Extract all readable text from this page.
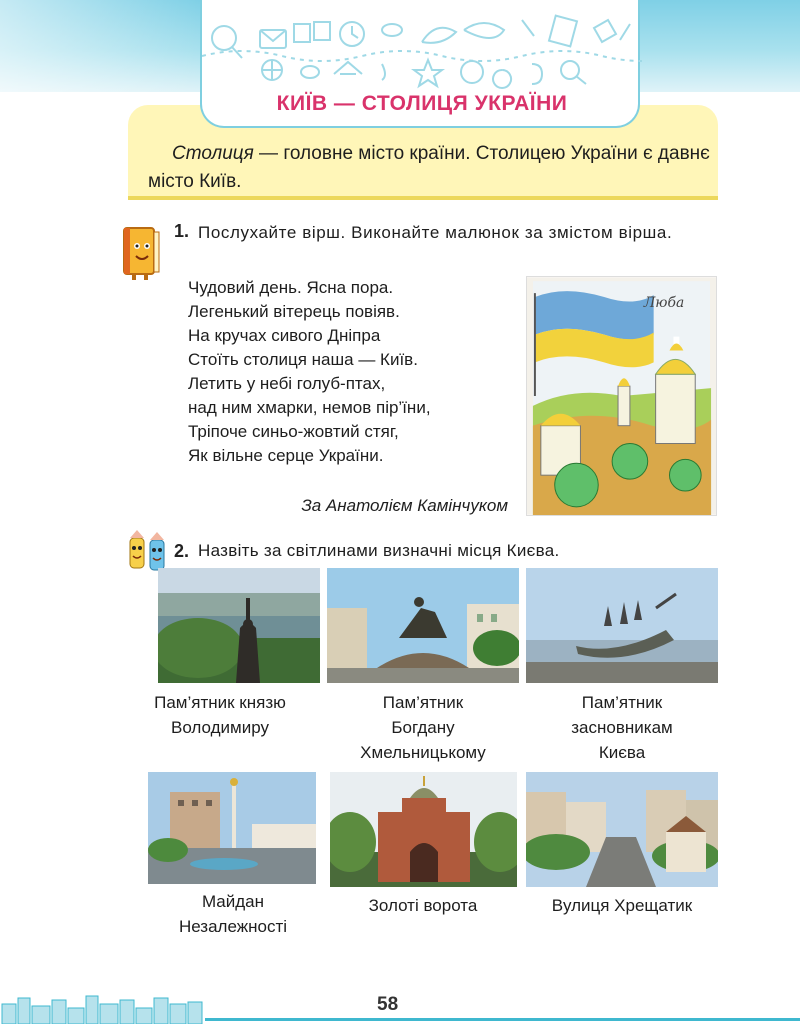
КИЇВ — СТОЛИЦЯ УКРАЇНИ

Столиця — головне місто країни. Столицею України є давнє місто Київ.

1. Послухайте вірш. Виконайте малюнок за змістом вірша.

Чудовий день. Ясна пора.
Легенький вітерець повіяв.
На кручах сивого Дніпра
Стоїть столиця наша — Київ.
Летить у небі голуб-птах,
над ним хмарки, немов пір’їни,
Тріпоче синьо-жовтий стяг,
Як вільне серце України.
За Анатолієм Камінчуком
Люба
2. Назвіть за світлинами визначні місця Києва.
Пам’ятник князю
Володимиру
Пам’ятник
Богдану
Хмельницькому
Пам’ятник
засновникам
Києва
Майдан
Незалежності
Золоті ворота	Вулиця Хрещатик
58
